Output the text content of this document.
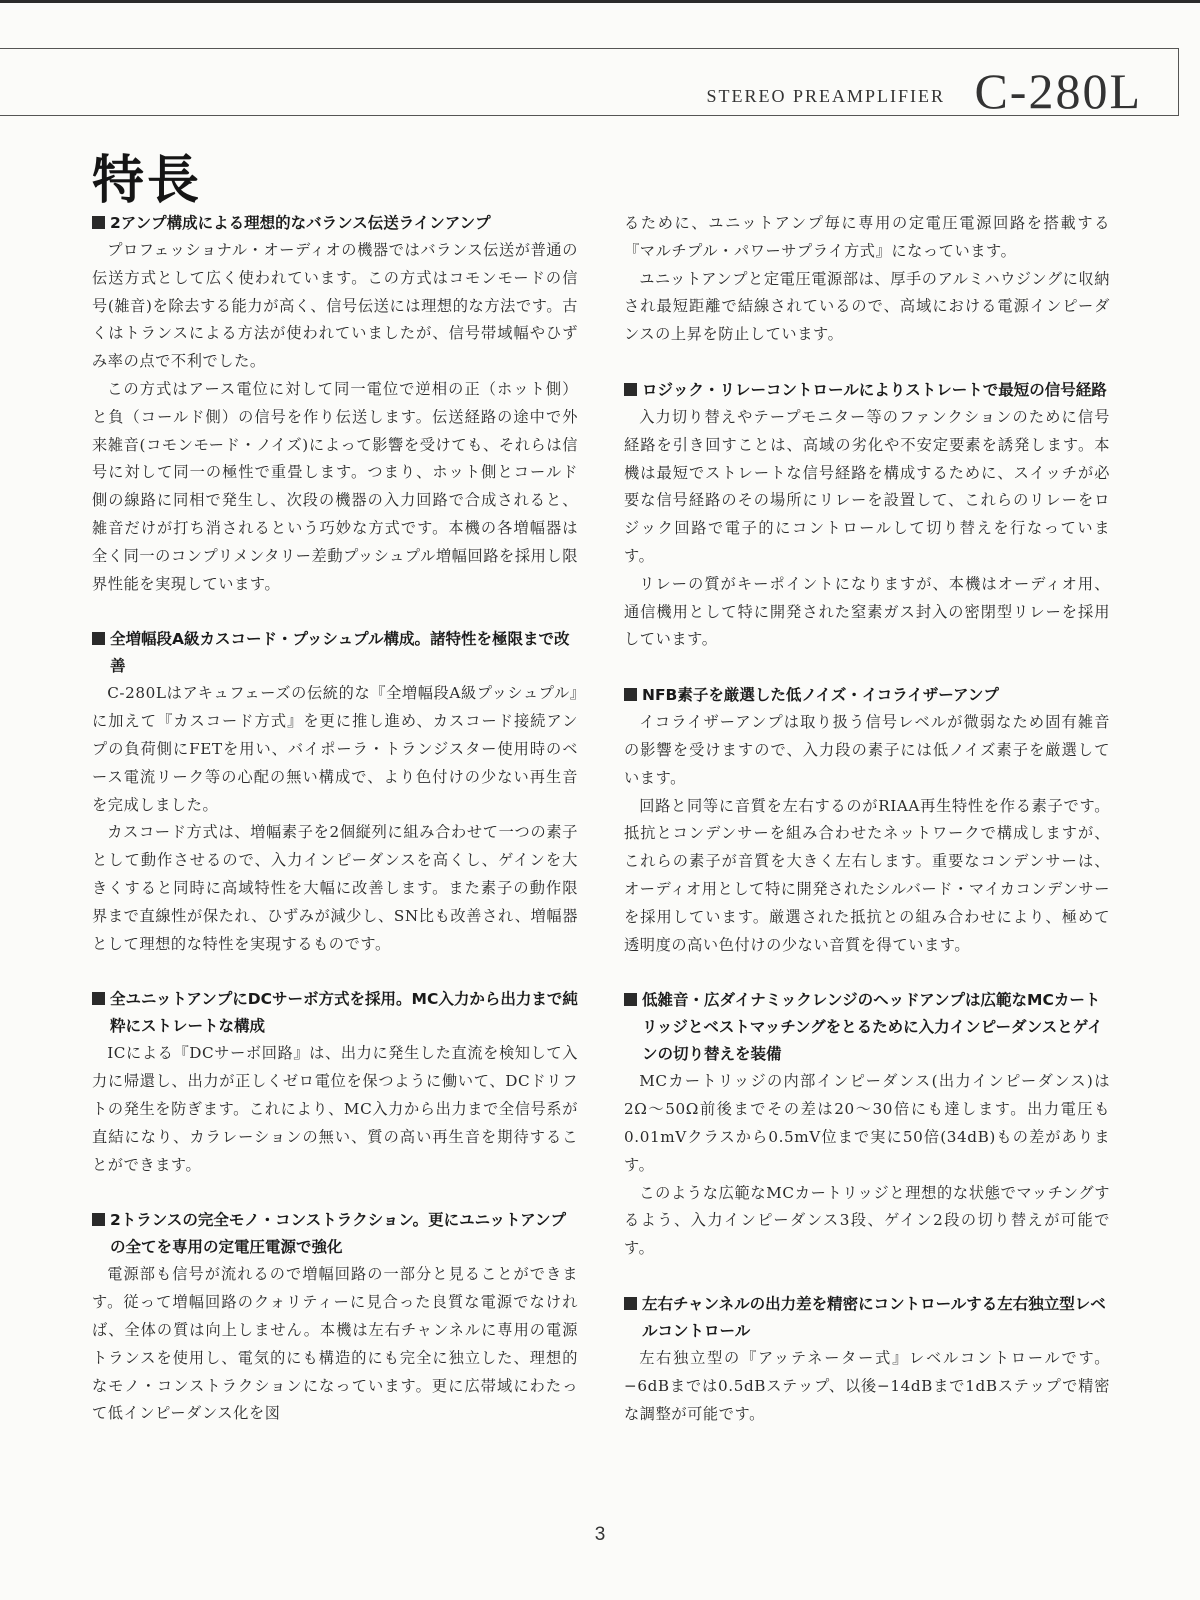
STEREO PREAMPLIFIER C-280L
特長
2アンプ構成による理想的なバランス伝送ラインアンプ

プロフェッショナル・オーディオの機器ではバランス伝送が普通の伝送方式として広く使われています。この方式はコモンモードの信号(雑音)を除去する能力が高く、信号伝送には理想的な方法です。古くはトランスによる方法が使われていましたが、信号帯域幅やひずみ率の点で不利でした。

この方式はアース電位に対して同一電位で逆相の正（ホット側）と負（コールド側）の信号を作り伝送します。伝送経路の途中で外来雑音(コモンモード・ノイズ)によって影響を受けても、それらは信号に対して同一の極性で重畳します。つまり、ホット側とコールド側の線路に同相で発生し、次段の機器の入力回路で合成されると、雑音だけが打ち消されるという巧妙な方式です。本機の各増幅器は全く同一のコンプリメンタリー差動プッシュプル増幅回路を採用し限界性能を実現しています。

全増幅段A級カスコード・プッシュプル構成。諸特性を極限まで改善

C-280Lはアキュフェーズの伝統的な『全増幅段A級プッシュプル』に加えて『カスコード方式』を更に推し進め、カスコード接続アンプの負荷側にFETを用い、バイポーラ・トランジスター使用時のベース電流リーク等の心配の無い構成で、より色付けの少ない再生音を完成しました。

カスコード方式は、増幅素子を2個縦列に組み合わせて一つの素子として動作させるので、入力インピーダンスを高くし、ゲインを大きくすると同時に高域特性を大幅に改善します。また素子の動作限界まで直線性が保たれ、ひずみが減少し、SN比も改善され、増幅器として理想的な特性を実現するものです。

全ユニットアンプにDCサーボ方式を採用。MC入力から出力まで純粋にストレートな構成

ICによる『DCサーボ回路』は、出力に発生した直流を検知して入力に帰還し、出力が正しくゼロ電位を保つように働いて、DCドリフトの発生を防ぎます。これにより、MC入力から出力まで全信号系が直結になり、カラレーションの無い、質の高い再生音を期待することができます。

2トランスの完全モノ・コンストラクション。更にユニットアンプの全てを専用の定電圧電源で強化

電源部も信号が流れるので増幅回路の一部分と見ることができます。従って増幅回路のクォリティーに見合った良質な電源でなければ、全体の質は向上しません。本機は左右チャンネルに専用の電源トランスを使用し、電気的にも構造的にも完全に独立した、理想的なモノ・コンストラクションになっています。更に広帯域にわたって低インピーダンス化を図

るために、ユニットアンプ毎に専用の定電圧電源回路を搭載する『マルチプル・パワーサプライ方式』になっています。

ユニットアンプと定電圧電源部は、厚手のアルミハウジングに収納され最短距離で結線されているので、高域における電源インピーダンスの上昇を防止しています。

ロジック・リレーコントロールによりストレートで最短の信号経路

入力切り替えやテープモニター等のファンクションのために信号経路を引き回すことは、高域の劣化や不安定要素を誘発します。本機は最短でストレートな信号経路を構成するために、スイッチが必要な信号経路のその場所にリレーを設置して、これらのリレーをロジック回路で電子的にコントロールして切り替えを行なっています。

リレーの質がキーポイントになりますが、本機はオーディオ用、通信機用として特に開発された窒素ガス封入の密閉型リレーを採用しています。

NFB素子を厳選した低ノイズ・イコライザーアンプ

イコライザーアンプは取り扱う信号レベルが微弱なため固有雑音の影響を受けますので、入力段の素子には低ノイズ素子を厳選しています。

回路と同等に音質を左右するのがRIAA再生特性を作る素子です。抵抗とコンデンサーを組み合わせたネットワークで構成しますが、これらの素子が音質を大きく左右します。重要なコンデンサーは、オーディオ用として特に開発されたシルバード・マイカコンデンサーを採用しています。厳選された抵抗との組み合わせにより、極めて透明度の高い色付けの少ない音質を得ています。

低雑音・広ダイナミックレンジのヘッドアンプは広範なMCカートリッジとベストマッチングをとるために入力インピーダンスとゲインの切り替えを装備

MCカートリッジの内部インピーダンス(出力インピーダンス)は2Ω〜50Ω前後までその差は20〜30倍にも達します。出力電圧も0.01mVクラスから0.5mV位まで実に50倍(34dB)もの差があります。

このような広範なMCカートリッジと理想的な状態でマッチングするよう、入力インピーダンス3段、ゲイン2段の切り替えが可能です。

左右チャンネルの出力差を精密にコントロールする左右独立型レベルコントロール

左右独立型の『アッテネーター式』レベルコントロールです。−6dBまでは0.5dBステップ、以後−14dBまで1dBステップで精密な調整が可能です。

3
